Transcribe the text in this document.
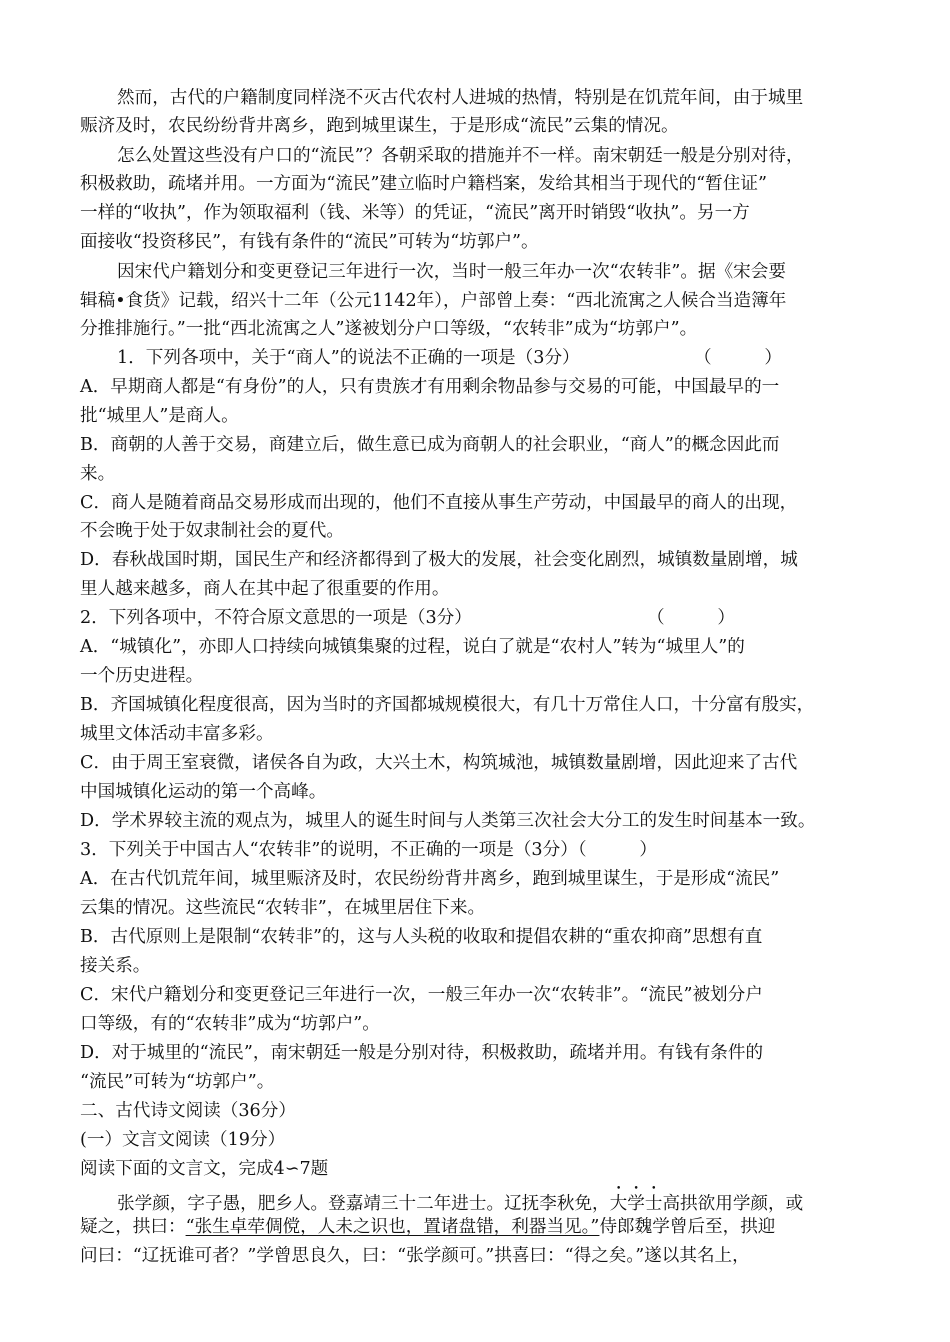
然而，古代的户籍制度同样浇不灭古代农村人进城的热情，特别是在饥荒年间，由于城里
赈济及时，农民纷纷背井离乡，跑到城里谋生，于是形成“流民”云集的情况。
怎么处置这些没有户口的“流民”？各朝采取的措施并不一样。南宋朝廷一般是分别对待，
积极救助，疏堵并用。一方面为“流民”建立临时户籍档案，发给其相当于现代的“暂住证”
一样的“收执”，作为领取福利（钱、米等）的凭证，“流民”离开时销毁“收执”。另一方
面接收“投资移民”，有钱有条件的“流民”可转为“坊郭户”。
因宋代户籍划分和变更登记三年进行一次，当时一般三年办一次“农转非”。据《宋会要
辑稿•食货》记载，绍兴十二年（公元1142年），户部曾上奏：“西北流寓之人候合当造簿年
分推排施行。”一批“西北流寓之人”遂被划分户口等级，“农转非”成为“坊郭户”。
1．下列各项中，关于“商人”的说法不正确的一项是（3分）	（　　　）
A．早期商人都是“有身份”的人，只有贵族才有用剩余物品参与交易的可能，中国最早的一
批“城里人”是商人。
B．商朝的人善于交易，商建立后，做生意已成为商朝人的社会职业，“商人”的概念因此而
来。
C．商人是随着商品交易形成而出现的，他们不直接从事生产劳动，中国最早的商人的出现，
不会晚于处于奴隶制社会的夏代。
D．春秋战国时期，国民生产和经济都得到了极大的发展，社会变化剧烈，城镇数量剧增，城
里人越来越多，商人在其中起了很重要的作用。
2．下列各项中，不符合原文意思的一项是（3分）	（　　　）
A．“城镇化”，亦即人口持续向城镇集聚的过程，说白了就是“农村人”转为“城里人”的
一个历史进程。
B．齐国城镇化程度很高，因为当时的齐国都城规模很大，有几十万常住人口，十分富有殷实，
城里文体活动丰富多彩。
C．由于周王室衰微，诸侯各自为政，大兴土木，构筑城池，城镇数量剧增，因此迎来了古代
中国城镇化运动的第一个高峰。
D．学术界较主流的观点为，城里人的诞生时间与人类第三次社会大分工的发生时间基本一致。
3．下列关于中国古人“农转非”的说明，不正确的一项是（3分）（　　　）
A．在古代饥荒年间，城里赈济及时，农民纷纷背井离乡，跑到城里谋生，于是形成“流民”
云集的情况。这些流民“农转非”，在城里居住下来。
B．古代原则上是限制“农转非”的，这与人头税的收取和提倡农耕的“重农抑商”思想有直
接关系。
C．宋代户籍划分和变更登记三年进行一次，一般三年办一次“农转非”。“流民”被划分户
口等级，有的“农转非”成为“坊郭户”。
D．对于城里的“流民”，南宋朝廷一般是分别对待，积极救助，疏堵并用。有钱有条件的
“流民”可转为“坊郭户”。
二、古代诗文阅读（36分）
(一）文言文阅读（19分）
阅读下面的文言文，完成4∽7题
张学颜，字子愚，肥乡人。登嘉靖三十二年进士。辽抚李秋免，大学士高拱欲用学颜，或
疑之，拱曰：“张生卓荦倜傥，人未之识也，置诸盘错，利器当见。”侍郎魏学曾后至，拱迎
问曰：“辽抚谁可者？”学曾思良久，曰：“张学颜可。”拱喜曰：“得之矣。”遂以其名上，
